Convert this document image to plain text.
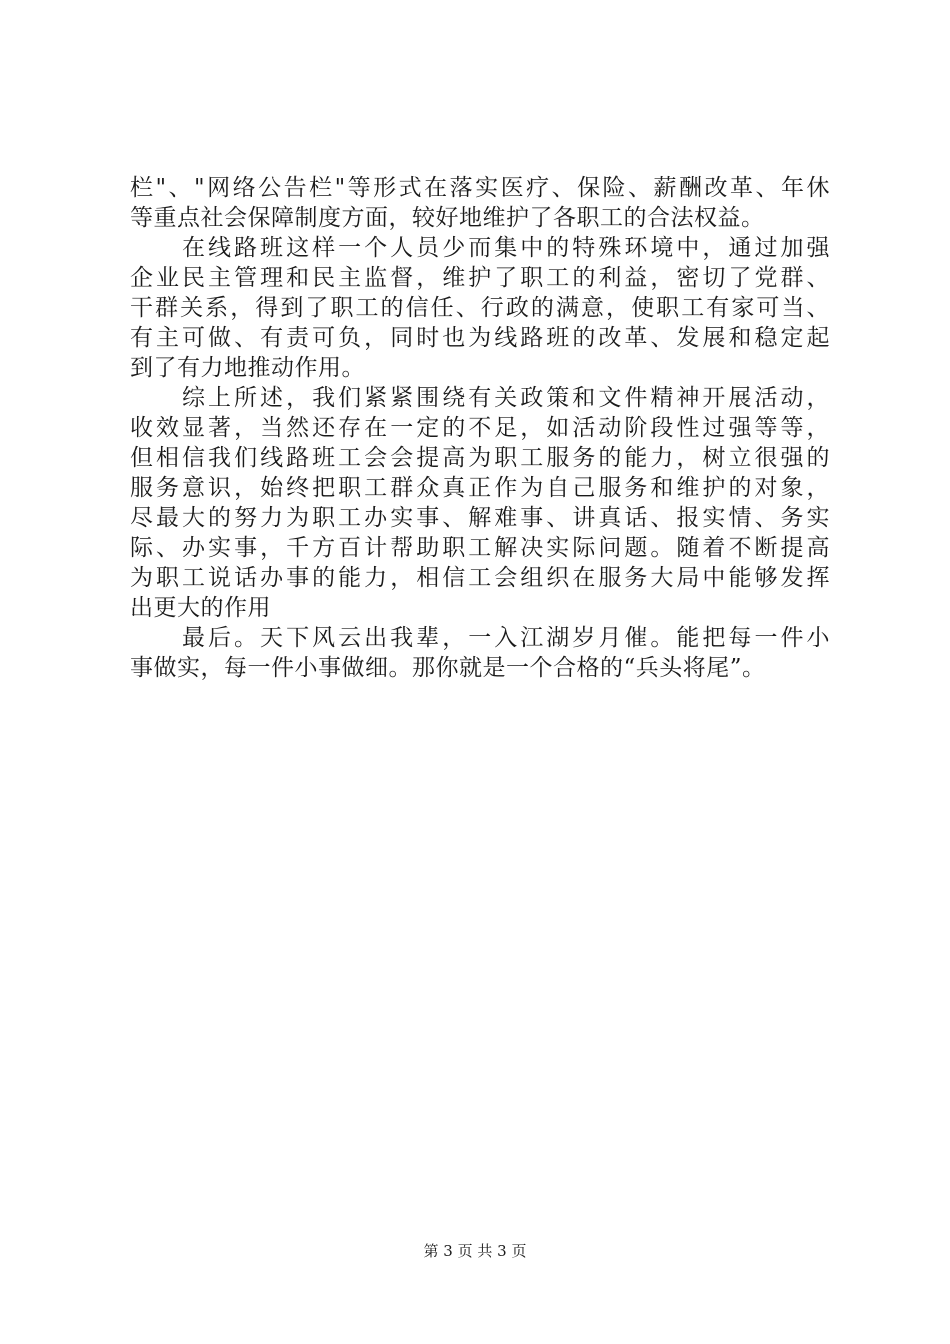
栏"、"网络公告栏"等形式在落实医疗、保险、薪酬改革、年休
等重点社会保障制度方面，较好地维护了各职工的合法权益。
在线路班这样一个人员少而集中的特殊环境中，通过加强
企业民主管理和民主监督，维护了职工的利益，密切了党群、
干群关系，得到了职工的信任、行政的满意，使职工有家可当、
有主可做、有责可负，同时也为线路班的改革、发展和稳定起
到了有力地推动作用。
综上所述，我们紧紧围绕有关政策和文件精神开展活动，
收效显著，当然还存在一定的不足，如活动阶段性过强等等，
但相信我们线路班工会会提高为职工服务的能力，树立很强的
服务意识，始终把职工群众真正作为自己服务和维护的对象，
尽最大的努力为职工办实事、解难事、讲真话、报实情、务实
际、办实事，千方百计帮助职工解决实际问题。随着不断提高
为职工说话办事的能力，相信工会组织在服务大局中能够发挥
出更大的作用
最后。天下风云出我辈，一入江湖岁月催。能把每一件小
事做实，每一件小事做细。那你就是一个合格的“兵头将尾”。
第 3 页 共 3 页
